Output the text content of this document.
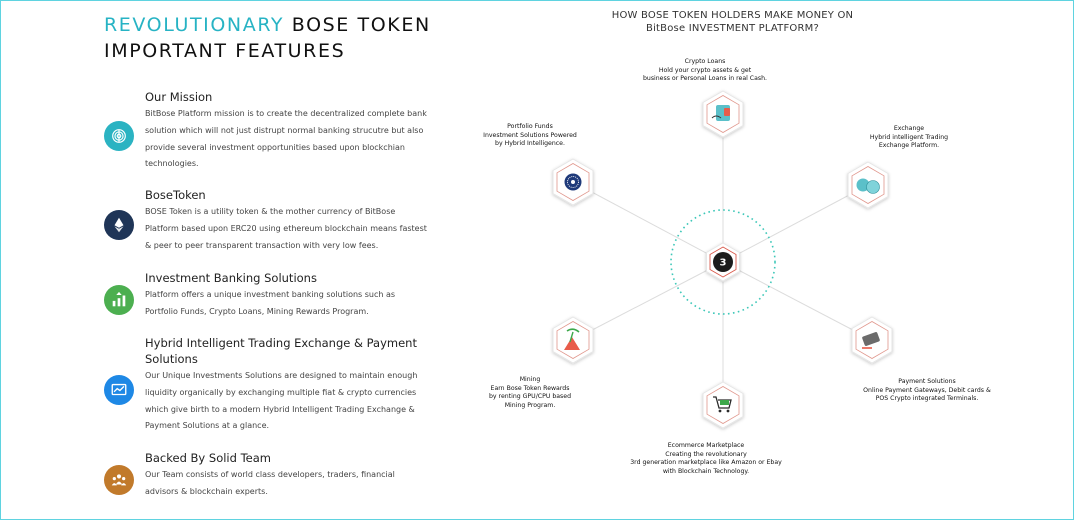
REVOLUTIONARY BOSE TOKEN
IMPORTANT FEATURES
Our Mission

BitBose Platform mission is to create the decentralized complete bank solution which will not just distrupt normal banking strucutre but also provide several investment opportunities based upon blockchian technologies.

BoseToken

BOSE Token is a utility token & the mother currency of BitBose Platform based upon ERC20 using ethereum blockchain means fastest & peer to peer transparent transaction with very low fees.

Investment Banking Solutions

Platform offers a unique investment banking solutions such as Portfolio Funds, Crypto Loans, Mining Rewards Program.

Hybrid Intelligent Trading Exchange & Payment Solutions

Our Unique Investments Solutions are designed to maintain enough liquidity organically by exchanging multiple fiat & crypto currencies which give birth to a modern Hybrid Intelligent Trading Exchange & Payment Solutions at a glance.

Backed By Solid Team

Our Team consists of world class developers, traders, financial advisors & blockchain experts.

HOW BOSE TOKEN HOLDERS MAKE MONEY ON
BitBose INVESTMENT PLATFORM?
3
Crypto Loans
Hold your crypto assets & get
business or Personal Loans in real Cash.
Exchange
Hybrid intelligent Trading
Exchange Platform.
Payment Solutions
Online Payment Gateways, Debit cards &
POS Crypto integrated Terminals.
Ecommerce Marketplace
Creating the revolutionary
3rd generation marketplace like Amazon or Ebay
with Blockchain Technology.
Mining
Earn Bose Token Rewards
by renting GPU/CPU based
Mining Program.
Portfolio Funds
Investment Solutions Powered
by Hybrid Intelligence.
